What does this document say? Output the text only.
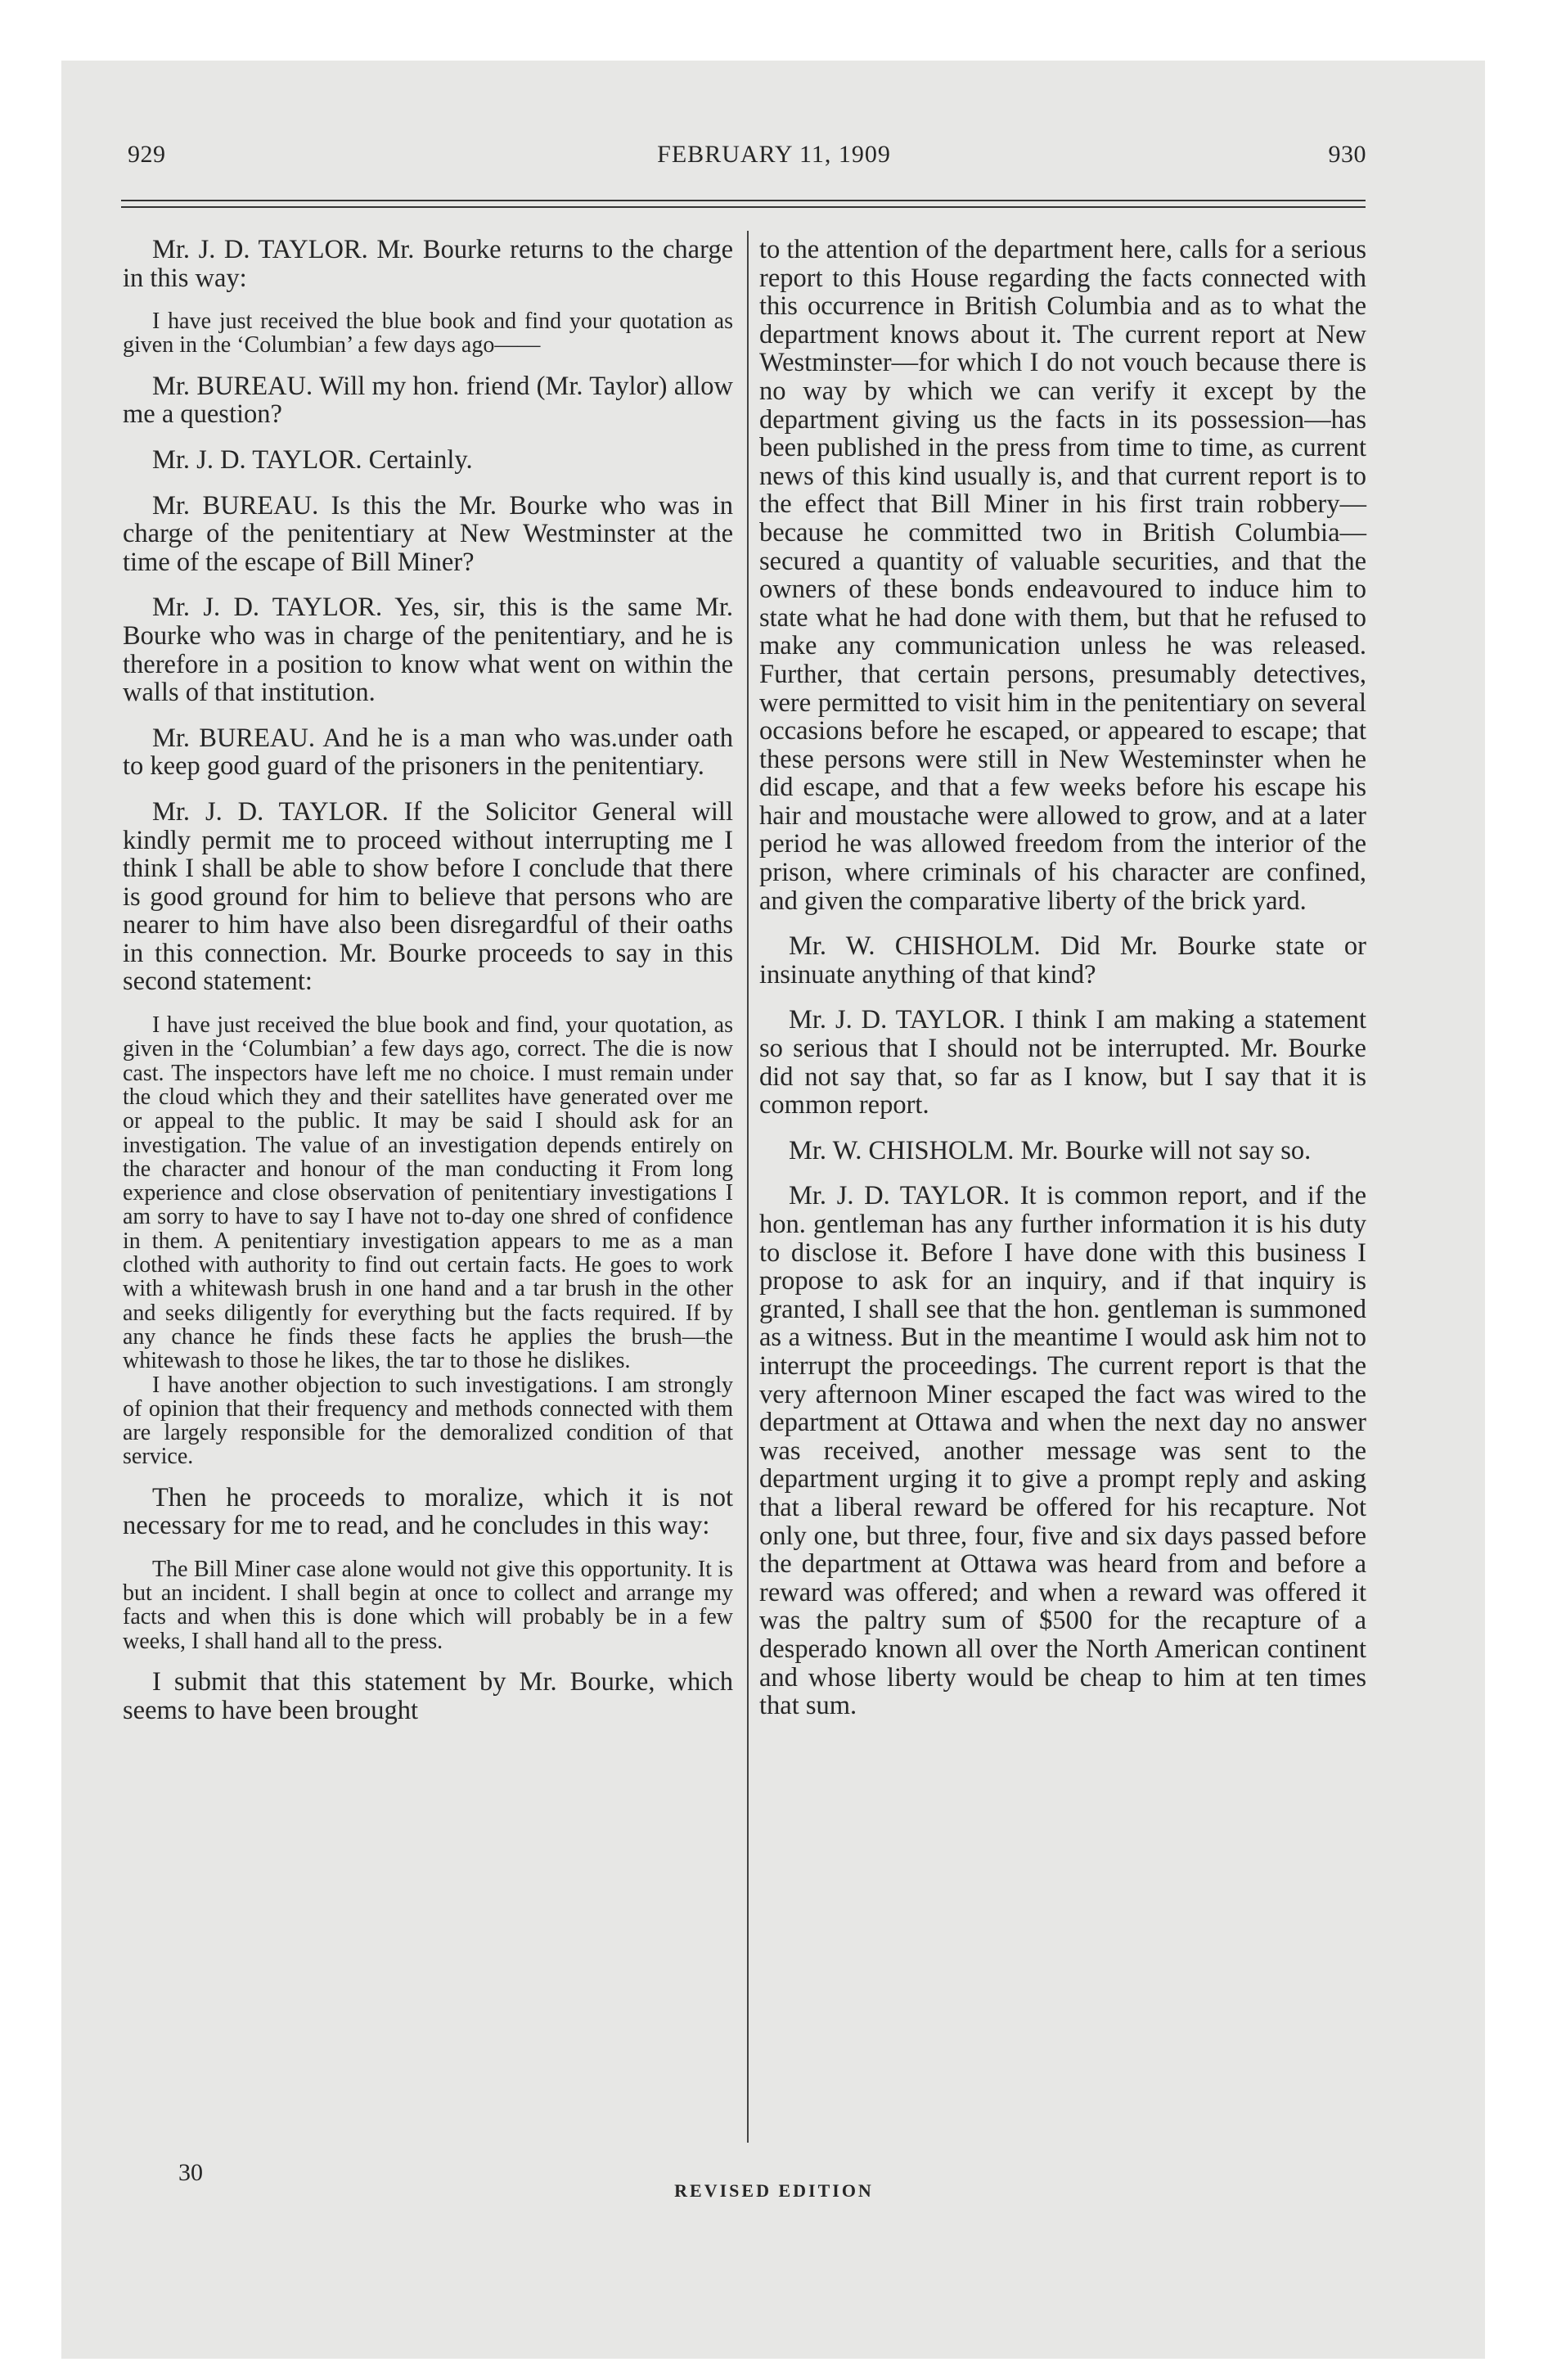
929	FEBRUARY 11, 1909	930

Mr. J. D. TAYLOR. Mr. Bourke returns to the charge in this way:

I have just received the blue book and find your quotation as given in the ‘Columbian’ a few days ago——

Mr. BUREAU. Will my hon. friend (Mr. Taylor) allow me a question?

Mr. J. D. TAYLOR. Certainly.

Mr. BUREAU. Is this the Mr. Bourke who was in charge of the penitentiary at New Westminster at the time of the escape of Bill Miner?

Mr. J. D. TAYLOR. Yes, sir, this is the same Mr. Bourke who was in charge of the penitentiary, and he is therefore in a position to know what went on within the walls of that institution.

Mr. BUREAU. And he is a man who was.under oath to keep good guard of the prisoners in the penitentiary.

Mr. J. D. TAYLOR. If the Solicitor General will kindly permit me to proceed without interrupting me I think I shall be able to show before I conclude that there is good ground for him to believe that persons who are nearer to him have also been disregardful of their oaths in this connection. Mr. Bourke proceeds to say in this second statement:

I have just received the blue book and find, your quotation, as given in the ‘Columbian’ a few days ago, correct. The die is now cast. The inspectors have left me no choice. I must remain under the cloud which they and their satellites have generated over me or appeal to the public. It may be said I should ask for an investigation. The value of an investigation depends entirely on the character and honour of the man conducting it From long experience and close observation of penitentiary investigations I am sorry to have to say I have not to-day one shred of confidence in them. A penitentiary investigation appears to me as a man clothed with authority to find out certain facts. He goes to work with a whitewash brush in one hand and a tar brush in the other and seeks diligently for everything but the facts required. If by any chance he finds these facts he applies the brush—the whitewash to those he likes, the tar to those he dislikes.

I have another objection to such investigations. I am strongly of opinion that their frequency and methods connected with them are largely responsible for the demoralized condition of that service.

Then he proceeds to moralize, which it is not necessary for me to read, and he concludes in this way:

The Bill Miner case alone would not give this opportunity. It is but an incident. I shall begin at once to collect and arrange my facts and when this is done which will probably be in a few weeks, I shall hand all to the press.

I submit that this statement by Mr. Bourke, which seems to have been brought

to the attention of the department here, calls for a serious report to this House regarding the facts connected with this occurrence in British Columbia and as to what the department knows about it. The current report at New Westminster—for which I do not vouch because there is no way by which we can verify it except by the department giving us the facts in its possession—has been published in the press from time to time, as current news of this kind usually is, and that current report is to the effect that Bill Miner in his first train robbery—because he committed two in British Columbia—secured a quantity of valuable securities, and that the owners of these bonds endeavoured to induce him to state what he had done with them, but that he refused to make any communication unless he was released. Further, that certain persons, presumably detectives, were permitted to visit him in the penitentiary on several occasions before he escaped, or appeared to escape; that these persons were still in New Westeminster when he did escape, and that a few weeks before his escape his hair and moustache were allowed to grow, and at a later period he was allowed freedom from the interior of the prison, where criminals of his character are confined, and given the comparative liberty of the brick yard.

Mr. W. CHISHOLM. Did Mr. Bourke state or insinuate anything of that kind?

Mr. J. D. TAYLOR. I think I am making a statement so serious that I should not be interrupted. Mr. Bourke did not say that, so far as I know, but I say that it is common report.

Mr. W. CHISHOLM. Mr. Bourke will not say so.

Mr. J. D. TAYLOR. It is common report, and if the hon. gentleman has any further information it is his duty to disclose it. Before I have done with this business I propose to ask for an inquiry, and if that inquiry is granted, I shall see that the hon. gentleman is summoned as a witness. But in the meantime I would ask him not to interrupt the proceedings. The current report is that the very afternoon Miner escaped the fact was wired to the department at Ottawa and when the next day no answer was received, another message was sent to the department urging it to give a prompt reply and asking that a liberal reward be offered for his recapture. Not only one, but three, four, five and six days passed before the department at Ottawa was heard from and before a reward was offered; and when a reward was offered it was the paltry sum of $500 for the recapture of a desperado known all over the North American continent and whose liberty would be cheap to him at ten times that sum.

30
REVISED EDITION
